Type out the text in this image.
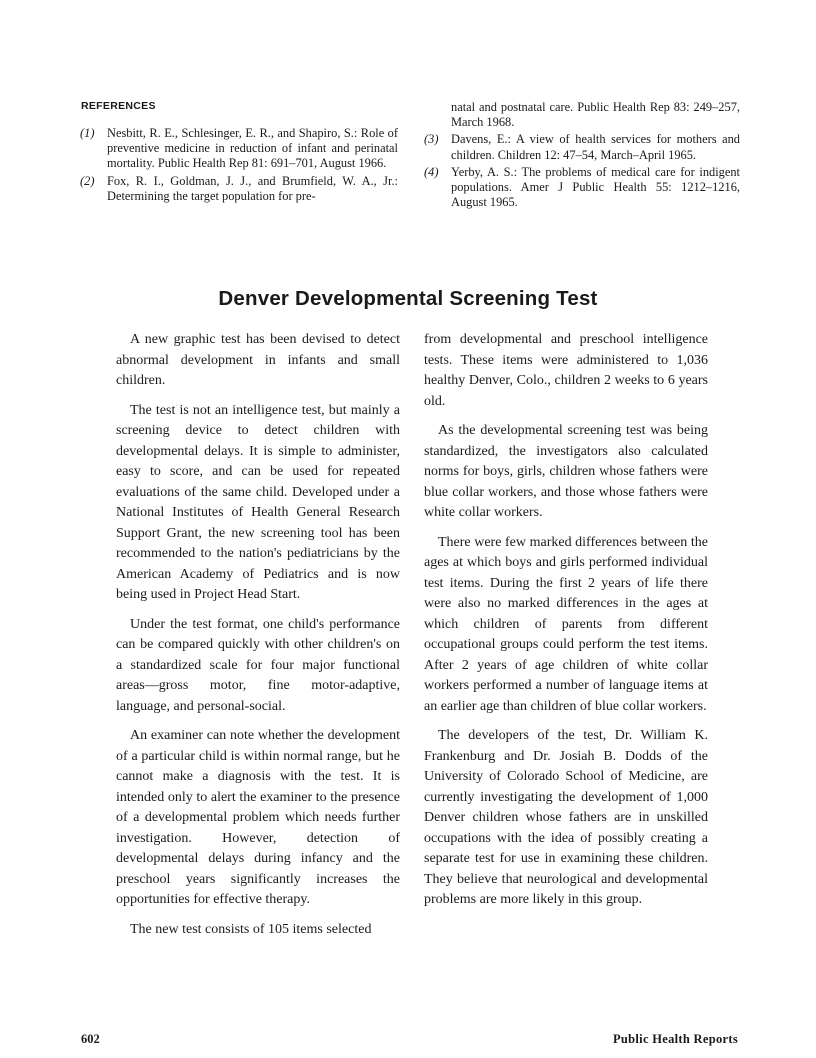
REFERENCES
(1)	Nesbitt, R. E., Schlesinger, E. R., and Shapiro, S.: Role of preventive medicine in reduction of infant and perinatal mortality. Public Health Rep 81: 691–701, August 1966.
(2)	Fox, R. I., Goldman, J. J., and Brumfield, W. A., Jr.: Determining the target population for pre-
natal and postnatal care. Public Health Rep 83: 249–257, March 1968.
(3)	Davens, E.: A view of health services for mothers and children. Children 12: 47–54, March–April 1965.
(4)	Yerby, A. S.: The problems of medical care for indigent populations. Amer J Public Health 55: 1212–1216, August 1965.
Denver Developmental Screening Test

A new graphic test has been devised to detect abnormal development in infants and small children.

The test is not an intelligence test, but mainly a screening device to detect children with developmental delays. It is simple to administer, easy to score, and can be used for repeated evaluations of the same child. Developed under a National Institutes of Health General Research Support Grant, the new screening tool has been recommended to the nation's pediatricians by the American Academy of Pediatrics and is now being used in Project Head Start.

Under the test format, one child's performance can be compared quickly with other children's on a standardized scale for four major functional areas—gross motor, fine motor-adaptive, language, and personal-social.

An examiner can note whether the development of a particular child is within normal range, but he cannot make a diagnosis with the test. It is intended only to alert the examiner to the presence of a developmental problem which needs further investigation. However, detection of developmental delays during infancy and the preschool years significantly increases the opportunities for effective therapy.

The new test consists of 105 items selected

from developmental and preschool intelligence tests. These items were administered to 1,036 healthy Denver, Colo., children 2 weeks to 6 years old.

As the developmental screening test was being standardized, the investigators also calculated norms for boys, girls, children whose fathers were blue collar workers, and those whose fathers were white collar workers.

There were few marked differences between the ages at which boys and girls performed individual test items. During the first 2 years of life there were also no marked differences in the ages at which children of parents from different occupational groups could perform the test items. After 2 years of age children of white collar workers performed a number of language items at an earlier age than children of blue collar workers.

The developers of the test, Dr. William K. Frankenburg and Dr. Josiah B. Dodds of the University of Colorado School of Medicine, are currently investigating the development of 1,000 Denver children whose fathers are in unskilled occupations with the idea of possibly creating a separate test for use in examining these children. They believe that neurological and developmental problems are more likely in this group.

602	Public Health Reports
